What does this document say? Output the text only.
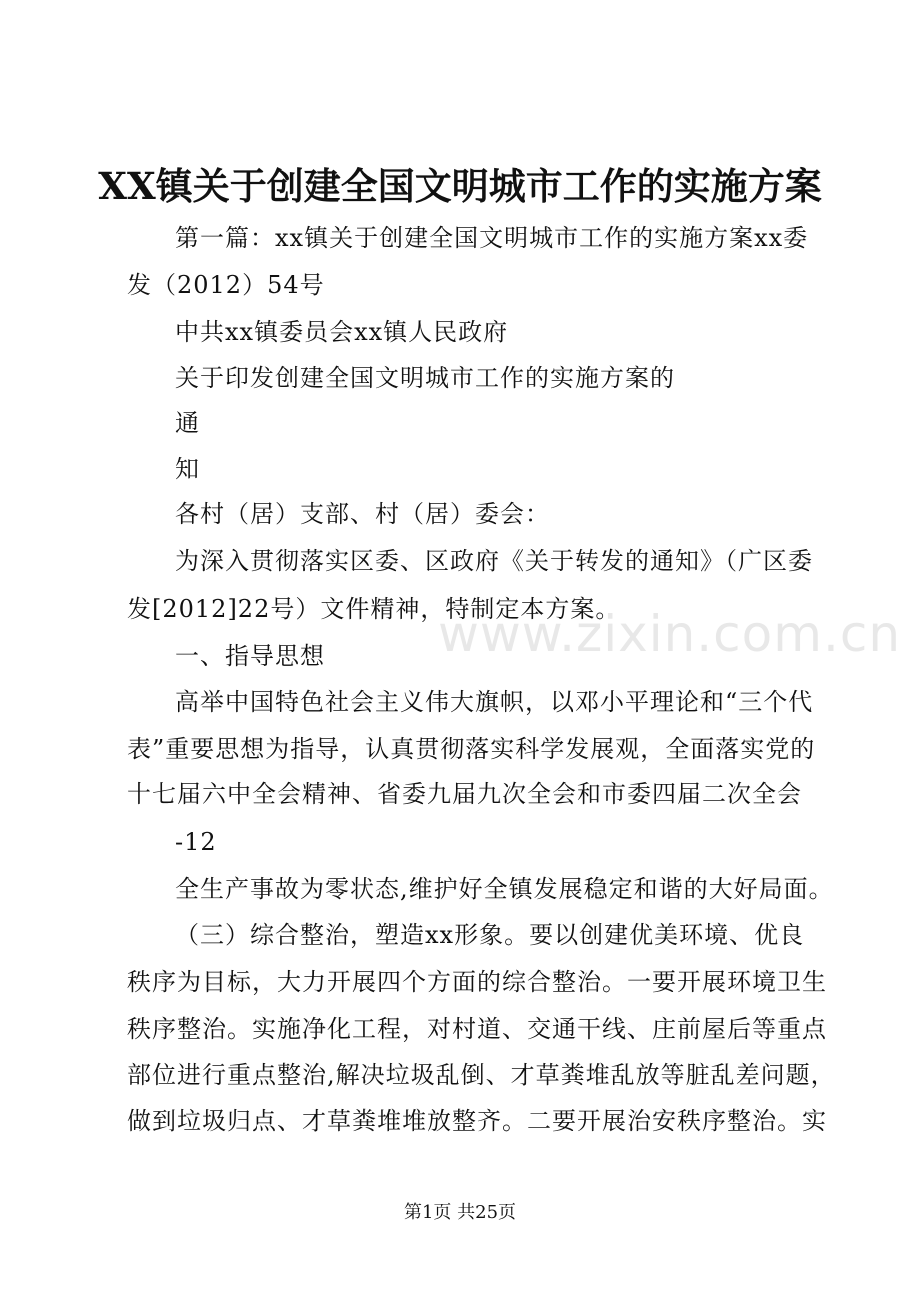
XX镇关于创建全国文明城市工作的实施方案
第一篇：xx镇关于创建全国文明城市工作的实施方案xx委
发（2012）54号
中共xx镇委员会xx镇人民政府
关于印发创建全国文明城市工作的实施方案的
通
知
各村（居）支部、村（居）委会：
为深入贯彻落实区委、区政府《关于转发的通知》（广区委
发[2012]22号）文件精神，特制定本方案。
一、指导思想
高举中国特色社会主义伟大旗帜，以邓小平理论和“三个代
表”重要思想为指导，认真贯彻落实科学发展观，全面落实党的
十七届六中全会精神、省委九届九次全会和市委四届二次全会
-12
全生产事故为零状态,维护好全镇发展稳定和谐的大好局面。
（三）综合整治，塑造xx形象。要以创建优美环境、优良
秩序为目标，大力开展四个方面的综合整治。一要开展环境卫生
秩序整治。实施净化工程，对村道、交通干线、庄前屋后等重点
部位进行重点整治,解决垃圾乱倒、才草粪堆乱放等脏乱差问题，
做到垃圾归点、才草粪堆堆放整齐。二要开展治安秩序整治。实
www.zixin.com.cn
第1页 共25页
